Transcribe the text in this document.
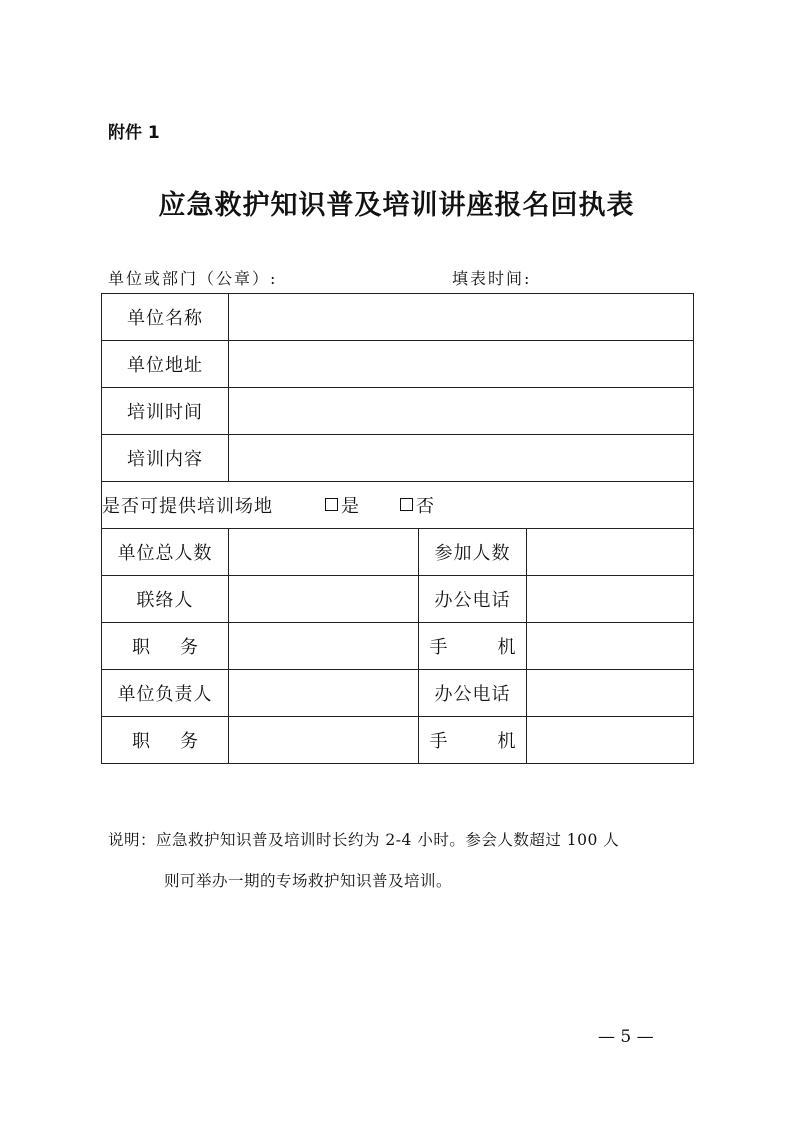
附件 1
应急救护知识普及培训讲座报名回执表
单位或部门（公章）:	填表时间:
单位名称			
单位地址			
培训时间			
培训内容			
是否可提供培训场地 是 否			
单位总人数		参加人数	
联络人		办公电话	
职 务		手 机	
单位负责人		办公电话	
职 务		手 机	
说明：应急救护知识普及培训时长约为 2-4 小时。参会人数超过 100 人
则可举办一期的专场救护知识普及培训。
— 5 —
